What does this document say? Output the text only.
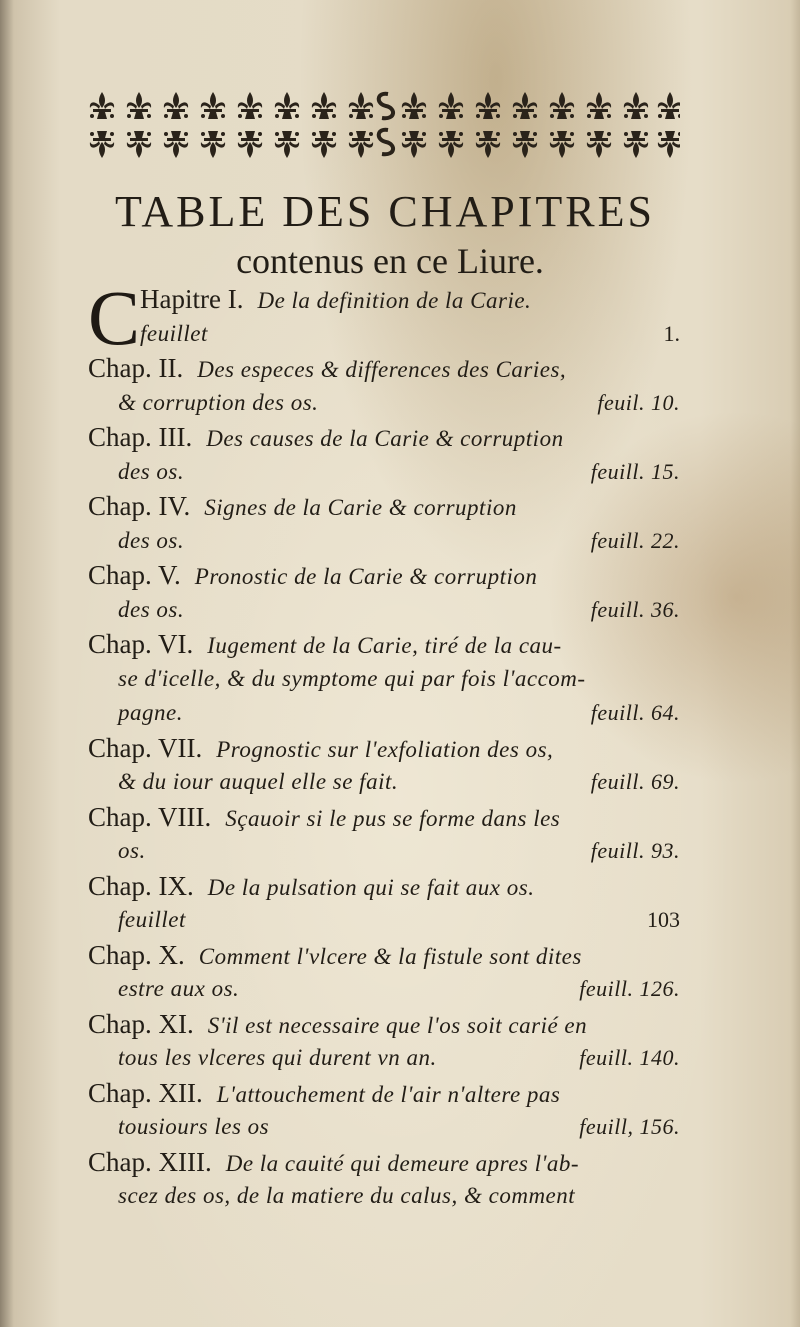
TABLE DES CHAPITRES
contenus en ce Liure.
C Hapitre I. De la definition de la Carie.
feuillet	1.
Chap. II. Des especes & differences des Caries,
& corruption des os.	feuil. 10.
Chap. III. Des causes de la Carie & corruption
des os.	feuill. 15.
Chap. IV. Signes de la Carie & corruption
des os.	feuill. 22.
Chap. V. Pronostic de la Carie & corruption
des os.	feuill. 36.
Chap. VI. Iugement de la Carie, tiré de la cau-
se d'icelle, & du symptome qui par fois l'accom-
pagne.	feuill. 64.
Chap. VII. Prognostic sur l'exfoliation des os,
& du iour auquel elle se fait.	feuill. 69.
Chap. VIII. Sçauoir si le pus se forme dans les
os.	feuill. 93.
Chap. IX. De la pulsation qui se fait aux os.
feuillet	103
Chap. X. Comment l'vlcere & la fistule sont dites
estre aux os.	feuill. 126.
Chap. XI. S'il est necessaire que l'os soit carié en
tous les vlceres qui durent vn an.	feuill. 140.
Chap. XII. L'attouchement de l'air n'altere pas
tousiours les os	feuill, 156.
Chap. XIII. De la cauité qui demeure apres l'ab-
scez des os, de la matiere du calus, & comment
